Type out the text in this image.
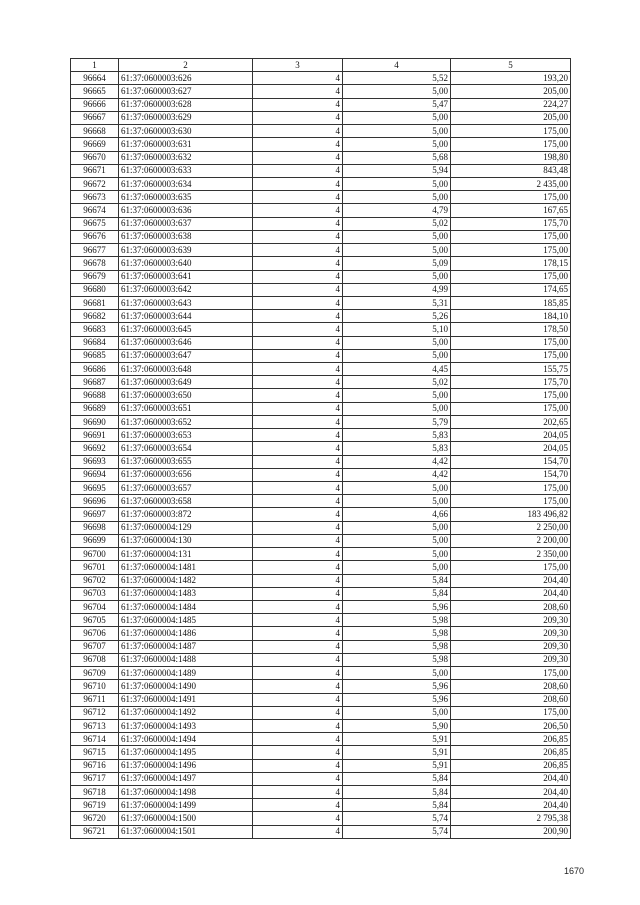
1	2	3	4	5
96664	61:37:0600003:626	4	5,52	193,20
96665	61:37:0600003:627	4	5,00	205,00
96666	61:37:0600003:628	4	5,47	224,27
96667	61:37:0600003:629	4	5,00	205,00
96668	61:37:0600003:630	4	5,00	175,00
96669	61:37:0600003:631	4	5,00	175,00
96670	61:37:0600003:632	4	5,68	198,80
96671	61:37:0600003:633	4	5,94	843,48
96672	61:37:0600003:634	4	5,00	2 435,00
96673	61:37:0600003:635	4	5,00	175,00
96674	61:37:0600003:636	4	4,79	167,65
96675	61:37:0600003:637	4	5,02	175,70
96676	61:37:0600003:638	4	5,00	175,00
96677	61:37:0600003:639	4	5,00	175,00
96678	61:37:0600003:640	4	5,09	178,15
96679	61:37:0600003:641	4	5,00	175,00
96680	61:37:0600003:642	4	4,99	174,65
96681	61:37:0600003:643	4	5,31	185,85
96682	61:37:0600003:644	4	5,26	184,10
96683	61:37:0600003:645	4	5,10	178,50
96684	61:37:0600003:646	4	5,00	175,00
96685	61:37:0600003:647	4	5,00	175,00
96686	61:37:0600003:648	4	4,45	155,75
96687	61:37:0600003:649	4	5,02	175,70
96688	61:37:0600003:650	4	5,00	175,00
96689	61:37:0600003:651	4	5,00	175,00
96690	61:37:0600003:652	4	5,79	202,65
96691	61:37:0600003:653	4	5,83	204,05
96692	61:37:0600003:654	4	5,83	204,05
96693	61:37:0600003:655	4	4,42	154,70
96694	61:37:0600003:656	4	4,42	154,70
96695	61:37:0600003:657	4	5,00	175,00
96696	61:37:0600003:658	4	5,00	175,00
96697	61:37:0600003:872	4	4,66	183 496,82
96698	61:37:0600004:129	4	5,00	2 250,00
96699	61:37:0600004:130	4	5,00	2 200,00
96700	61:37:0600004:131	4	5,00	2 350,00
96701	61:37:0600004:1481	4	5,00	175,00
96702	61:37:0600004:1482	4	5,84	204,40
96703	61:37:0600004:1483	4	5,84	204,40
96704	61:37:0600004:1484	4	5,96	208,60
96705	61:37:0600004:1485	4	5,98	209,30
96706	61:37:0600004:1486	4	5,98	209,30
96707	61:37:0600004:1487	4	5,98	209,30
96708	61:37:0600004:1488	4	5,98	209,30
96709	61:37:0600004:1489	4	5,00	175,00
96710	61:37:0600004:1490	4	5,96	208,60
96711	61:37:0600004:1491	4	5,96	208,60
96712	61:37:0600004:1492	4	5,00	175,00
96713	61:37:0600004:1493	4	5,90	206,50
96714	61:37:0600004:1494	4	5,91	206,85
96715	61:37:0600004:1495	4	5,91	206,85
96716	61:37:0600004:1496	4	5,91	206,85
96717	61:37:0600004:1497	4	5,84	204,40
96718	61:37:0600004:1498	4	5,84	204,40
96719	61:37:0600004:1499	4	5,84	204,40
96720	61:37:0600004:1500	4	5,74	2 795,38
96721	61:37:0600004:1501	4	5,74	200,90
1670
